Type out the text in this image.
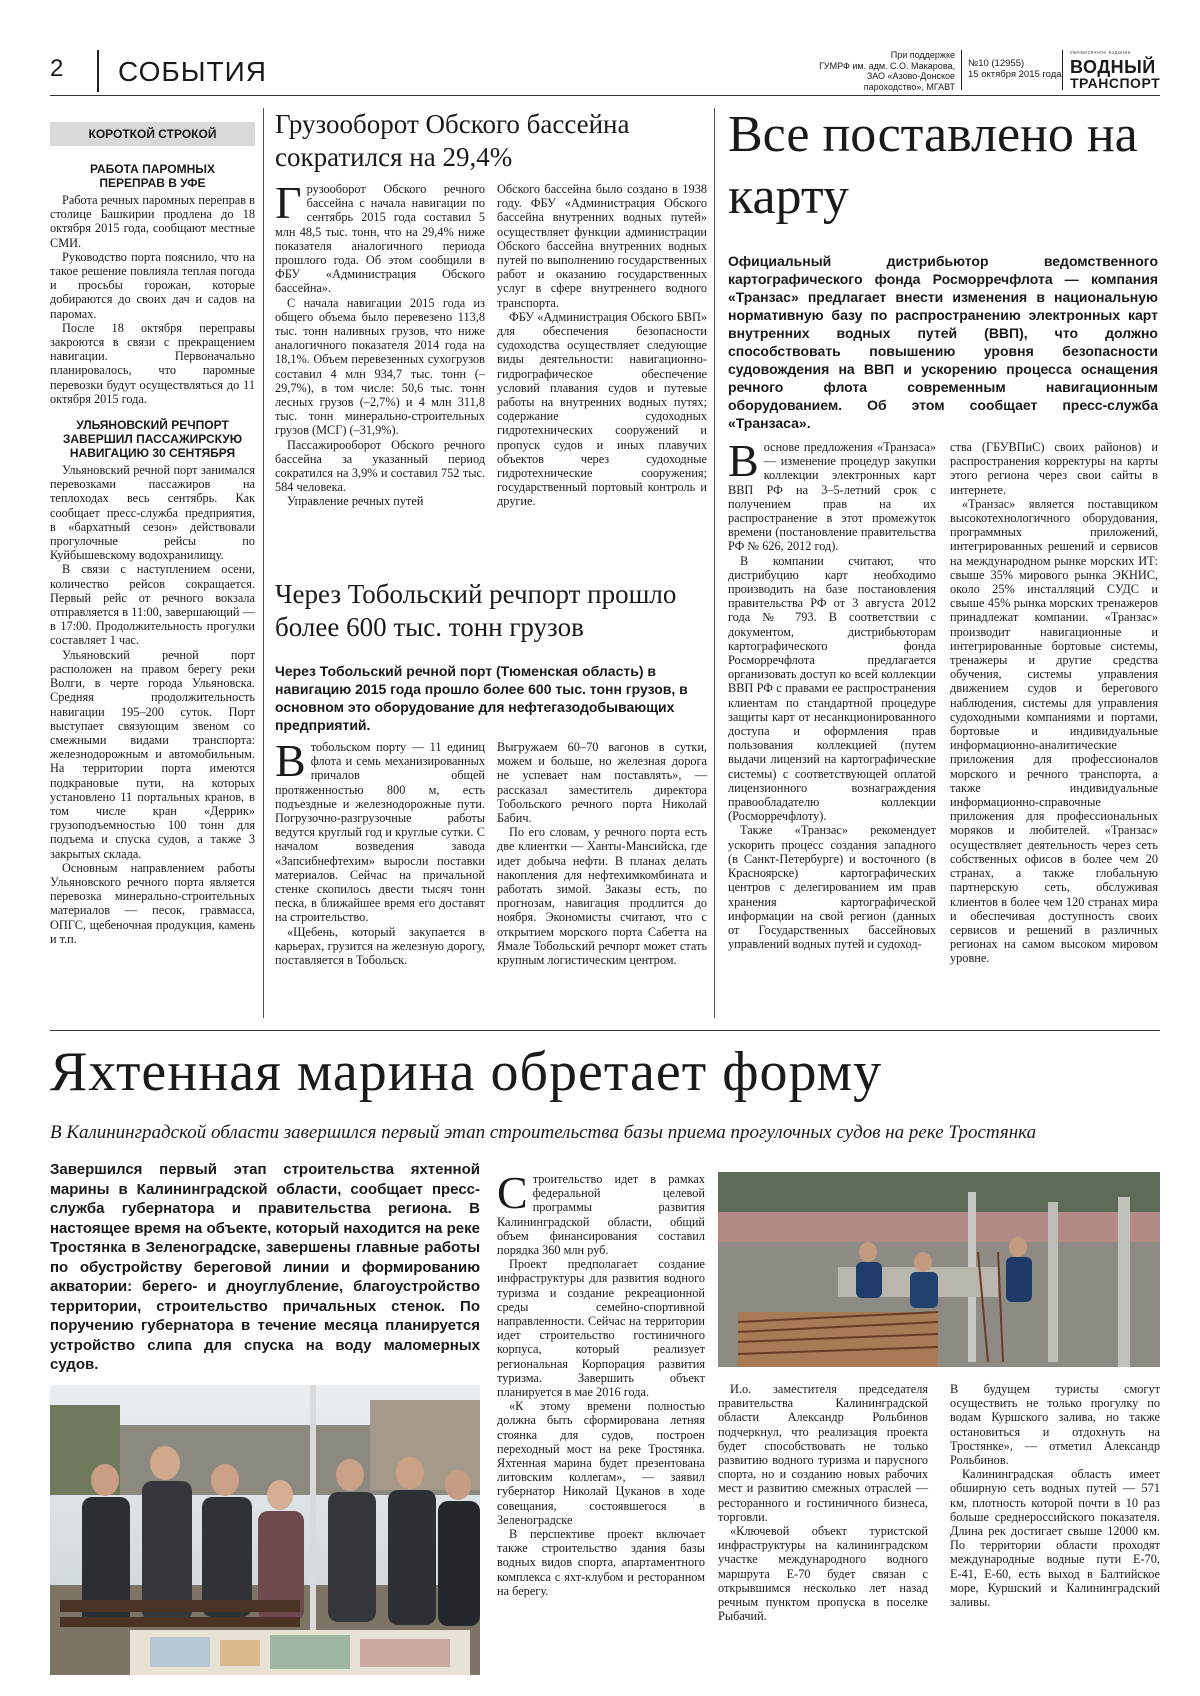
2 СОБЫТИЯ
При поддержке
ГУМРФ им. адм. С.О. Макарова,
ЗАО «Азово-Донское
пароходство», МГАВТ
№10 (12955)
15 октября 2015 года
ежемесячное издание
ВОДНЫЙ
ТРАНСПОРТ
КОРОТКОЙ СТРОКОЙ
РАБОТА ПАРОМНЫХ ПЕРЕПРАВ В УФЕ

Работа речных паромных переправ в столице Башкирии продлена до 18 октября 2015 года, сообщают местные СМИ.

Руководство порта пояснило, что на такое решение повлияла теплая погода и просьбы горожан, которые добираются до своих дач и садов на паромах.

После 18 октября переправы закроются в связи с прекращением навигации. Первоначально планировалось, что паромные перевозки будут осуществляться до 11 октября 2015 года.

УЛЬЯНОВСКИЙ РЕЧПОРТ ЗАВЕРШИЛ ПАССАЖИРСКУЮ НАВИГАЦИЮ 30 СЕНТЯБРЯ

Ульяновский речной порт занимался перевозками пассажиров на теплоходах весь сентябрь. Как сообщает пресс-служба предприятия, в «бархатный сезон» действовали прогулочные рейсы по Куйбышевскому водохранилищу.

В связи с наступлением осени, количество рейсов сокращается. Первый рейс от речного вокзала отправляется в 11:00, завершающий — в 17:00. Продолжительность прогулки составляет 1 час.

Ульяновский речной порт расположен на правом берегу реки Волги, в черте города Ульяновска. Средняя продолжительность навигации 195–200 суток. Порт выступает связующим звеном со смежными видами транспорта: железнодорожным и автомобильным. На территории порта имеются подкрановые пути, на которых установлено 11 портальных кранов, в том числе кран «Деррик» грузоподъемностью 100 тонн для подъема и спуска судов, а также 3 закрытых склада.

Основным направлением работы Ульяновского речного порта является перевозка минерально-строительных материалов — песок, гравмасса, ОПГС, щебеночная продукция, камень и т.п.

Грузооборот Обского бассейна сократился на 29,4%

Грузооборот Обского речного бассейна с начала навигации по сентябрь 2015 года составил 5 млн 48,5 тыс. тонн, что на 29,4% ниже показателя аналогичного периода прошлого года. Об этом сообщили в ФБУ «Администрация Обского бассейна».

С начала навигации 2015 года из общего объема было перевезено 113,8 тыс. тонн наливных грузов, что ниже аналогичного показателя 2014 года на 18,1%. Объем перевезенных сухогрузов составил 4 млн 934,7 тыс. тонн (–29,7%), в том числе: 50,6 тыс. тонн лесных грузов (–2,7%) и 4 млн 311,8 тыс. тонн минерально-строительных грузов (МСГ) (–31,9%).

Пассажирооборот Обского речного бассейна за указанный период сократился на 3,9% и составил 752 тыс. 584 человека.

Управление речных путей

Обского бассейна было создано в 1938 году. ФБУ «Администрация Обского бассейна внутренних водных путей» осуществляет функции администрации Обского бассейна внутренних водных путей по выполнению государственных работ и оказанию государственных услуг в сфере внутреннего водного транспорта.

ФБУ «Администрация Обского БВП» для обеспечения безопасности судоходства осуществляет следующие виды деятельности: навигационно-гидрографическое обеспечение условий плавания судов и путевые работы на внутренних водных путях; содержание судоходных гидротехнических сооружений и пропуск судов и иных плавучих объектов через судоходные гидротехнические сооружения; государственный портовый контроль и другие.

Через Тобольский речпорт прошло более 600 тыс. тонн грузов
Через Тобольский речной порт (Тюменская область) в навигацию 2015 года прошло более 600 тыс. тонн грузов, в основном это оборудование для нефтегазодобывающих предприятий.

Втобольском порту — 11 единиц флота и семь механизированных причалов общей протяженностью 800 м, есть подъездные и железнодорожные пути. Погрузочно-разгрузочные работы ведутся круглый год и круглые сутки. С началом возведения завода «Запсибнефтехим» выросли поставки материалов. Сейчас на причальной стенке скопилось двести тысяч тонн песка, в ближайшее время его доставят на строительство.

«Щебень, который закупается в карьерах, грузится на железную дорогу, поставляется в Тобольск.

Выгружаем 60–70 вагонов в сутки, можем и больше, но железная дорога не успевает нам поставлять», — рассказал заместитель директора Тобольского речного порта Николай Бабич.

По его словам, у речного порта есть две клиентки — Ханты-Мансийска, где идет добыча нефти. В планах делать накопления для нефтехимкомбината и работать зимой. Заказы есть, по прогнозам, навигация продлится до ноября. Экономисты считают, что с открытием морского порта Сабетта на Ямале Тобольский речпорт может стать крупным логистическим центром.

Все поставлено на карту
Официальный дистрибьютор ведомственного картографического фонда Росморречфлота — компания «Транзас» предлагает внести изменения в национальную нормативную базу по распространению электронных карт внутренних водных путей (ВВП), что должно способствовать повышению уровня безопасности судовождения на ВВП и ускорению процесса оснащения речного флота современным навигационным оборудованием. Об этом сообщает пресс-служба «Транзаса».

Воснове предложения «Транзаса» — изменение процедур закупки коллекции электронных карт ВВП РФ на 3–5-летний срок с получением прав на их распространение в этот промежуток времени (постановление правительства РФ № 626, 2012 год).

В компании считают, что дистрибуцию карт необходимо производить на базе постановления правительства РФ от 3 августа 2012 года № 793. В соответствии с документом, дистрибьюторам картографического фонда Росморречфлота предлагается организовать доступ ко всей коллекции ВВП РФ с правами ее распространения клиентам по стандартной процедуре защиты карт от несанкционированного доступа и оформления прав пользования коллекцией (путем выдачи лицензий на картографические системы) с соответствующей оплатой лицензионного вознаграждения правообладателю коллекции (Росморречфлоту).

Также «Транзас» рекомендует ускорить процесс создания западного (в Санкт-Петербурге) и восточного (в Красноярске) картографических центров с делегированием им прав хранения картографической информации на свой регион (данных от Государственных бассейновых управлений водных путей и судоход-

ства (ГБУВПиС) своих районов) и распространения корректуры на карты этого региона через свои сайты в интернете.

«Транзас» является поставщиком высокотехнологичного оборудования, программных приложений, интегрированных решений и сервисов на международном рынке морских ИТ: свыше 35% мирового рынка ЭКНИС, около 25% инсталляций СУДС и свыше 45% рынка морских тренажеров принадлежат компании. «Транзас» производит навигационные и интегрированные бортовые системы, тренажеры и другие средства обучения, системы управления движением судов и берегового наблюдения, системы для управления судоходными компаниями и портами, бортовые и индивидуальные информационно-аналитические приложения для профессионалов морского и речного транспорта, а также индивидуальные информационно-справочные приложения для профессиональных моряков и любителей. «Транзас» осуществляет деятельность через сеть собственных офисов в более чем 20 странах, а также глобальную партнерскую сеть, обслуживая клиентов в более чем 120 странах мира и обеспечивая доступность своих сервисов и решений в различных регионах на самом высоком мировом уровне.

Яхтенная марина обретает форму
В Калининградской области завершился первый этап строительства базы приема прогулочных судов на реке Тростянка
Завершился первый этап строительства яхтенной марины в Калининградской области, сообщает пресс-служба губернатора и правительства региона. В настоящее время на объекте, который находится на реке Тростянка в Зеленоградске, завершены главные работы по обустройству береговой линии и формированию акватории: берего- и дноуглубление, благоустройство территории, строительство причальных стенок. По поручению губернатора в течение месяца планируется устройство слипа для спуска на воду маломерных судов.

Строительство идет в рамках федеральной целевой программы развития Калининградской области, общий объем финансирования составил порядка 360 млн руб.

Проект предполагает создание инфраструктуры для развития водного туризма и создание рекреационной среды семейно-спортивной направленности. Сейчас на территории идет строительство гостиничного корпуса, который реализует региональная Корпорация развития туризма. Завершить объект планируется в мае 2016 года.

«К этому времени полностью должна быть сформирована летняя стоянка для судов, построен переходный мост на реке Тростянка. Яхтенная марина будет презентована литовским коллегам», — заявил губернатор Николай Цуканов в ходе совещания, состоявшегося в Зеленоградске

В перспективе проект включает также строительство здания базы водных видов спорта, апартаментного комплекса с яхт-клубом и ресторанном на берегу.

И.о. заместителя председателя правительства Калининградской области Александр Рольбинов подчеркнул, что реализация проекта будет способствовать не только развитию водного туризма и парусного спорта, но и созданию новых рабочих мест и развитию смежных отраслей — ресторанного и гостиничного бизнеса, торговли.

«Ключевой объект туристской инфраструктуры на калининградском участке международного водного маршрута Е-70 будет связан с открывшимся несколько лет назад речным пунктом пропуска в поселке Рыбачий.

В будущем туристы смогут осуществить не только прогулку по водам Куршского залива, но также остановиться и отдохнуть на Тростянке», — отметил Александр Рольбинов.

Калининградская область имеет обширную сеть водных путей — 571 км, плотность которой почти в 10 раз больше среднероссийского показателя. Длина рек достигает свыше 12000 км. По территории области проходят международные водные пути Е-70, Е-41, Е-60, есть выход в Балтийское море, Куршский и Калининградский заливы.
